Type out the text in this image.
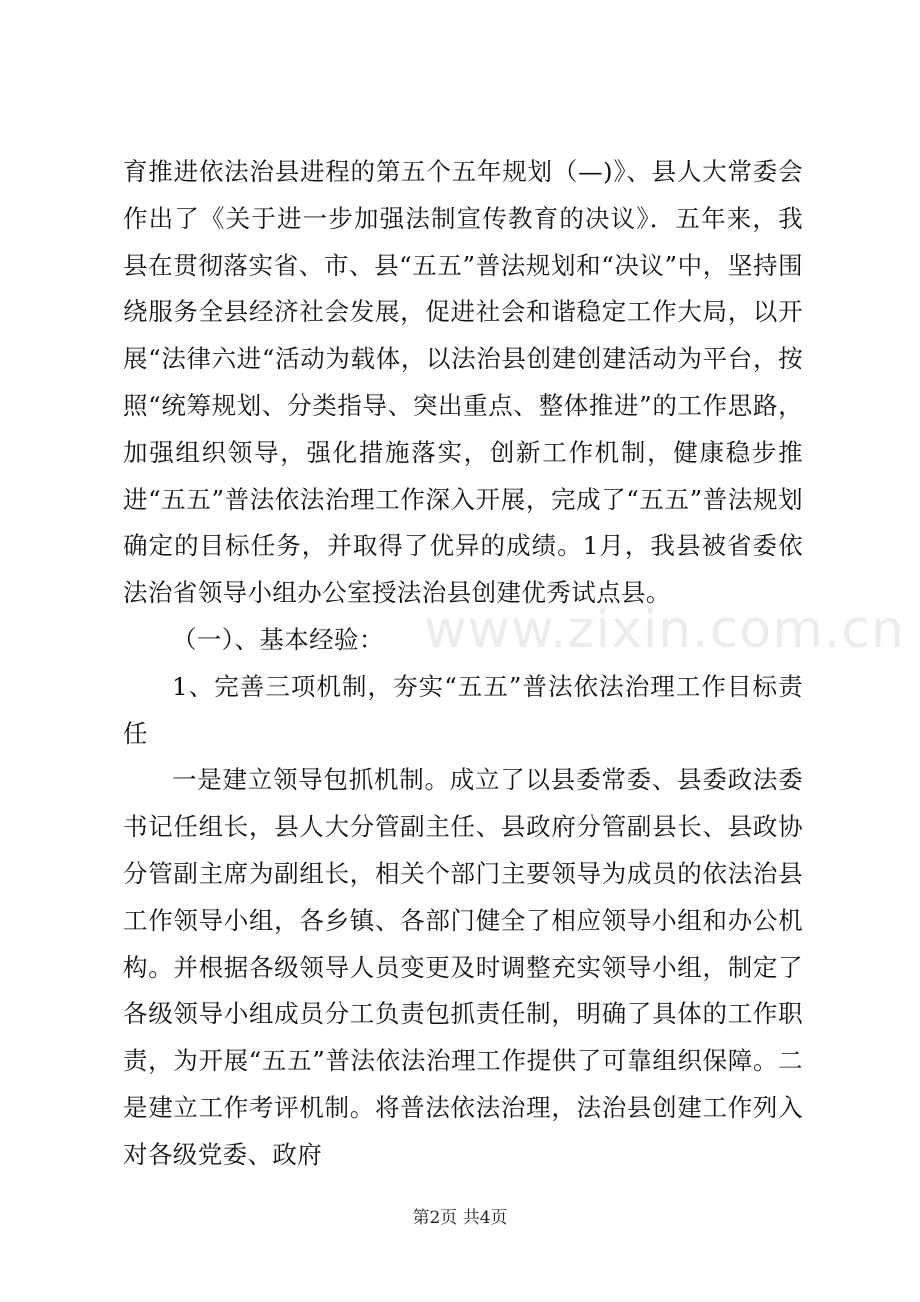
育推进依法治县进程的第五个五年规划（—)》、县人大常委会作出了《关于进一步加强法制宣传教育的决议》．五年来，我县在贯彻落实省、市、县“五五”普法规划和“决议”中，坚持围绕服务全县经济社会发展，促进社会和谐稳定工作大局，以开展“法律六进“活动为载体，以法治县创建创建活动为平台，按照“统筹规划、分类指导、突出重点、整体推进”的工作思路，加强组织领导，强化措施落实，创新工作机制，健康稳步推进“五五”普法依法治理工作深入开展，完成了“五五”普法规划确定的目标任务，并取得了优异的成绩。1月，我县被省委依法治省领导小组办公室授法治县创建优秀试点县。

（一）、基本经验：

1、完善三项机制，夯实“五五”普法依法治理工作目标责任

一是建立领导包抓机制。成立了以县委常委、县委政法委书记任组长，县人大分管副主任、县政府分管副县长、县政协分管副主席为副组长，相关个部门主要领导为成员的依法治县工作领导小组，各乡镇、各部门健全了相应领导小组和办公机构。并根据各级领导人员变更及时调整充实领导小组，制定了各级领导小组成员分工负责包抓责任制，明确了具体的工作职责，为开展“五五”普法依法治理工作提供了可靠组织保障。二是建立工作考评机制。将普法依法治理，法治县创建工作列入对各级党委、政府

www.zixin.com.cn
第2页 共4页
